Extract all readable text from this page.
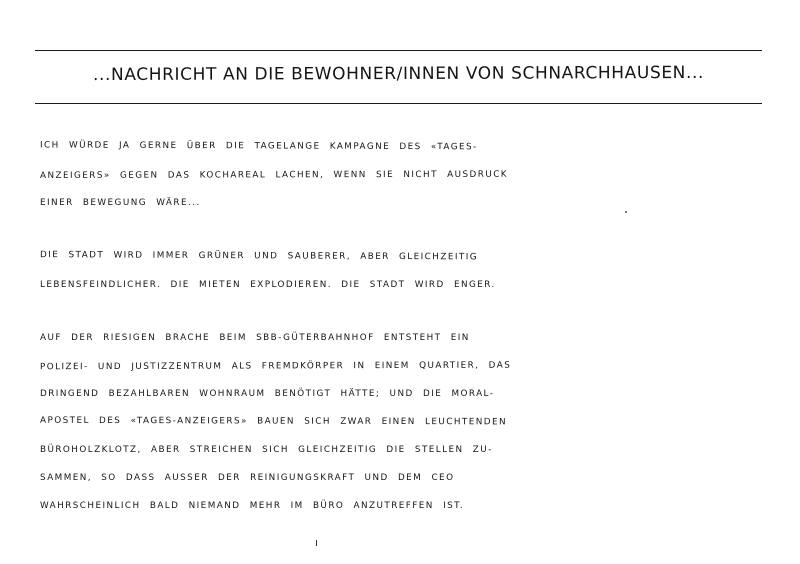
...NACHRICHT AN DIE BEWOHNER/INNEN VON SCHNARCHHAUSEN...
ICH WÜRDE JA GERNE ÜBER DIE TAGELANGE KAMPAGNE DES «TAGES-
ANZEIGERS» GEGEN DAS KOCHAREAL LACHEN, WENN SIE NICHT AUSDRUCK
EINER BEWEGUNG WÄRE...
DIE STADT WIRD IMMER GRÜNER UND SAUBERER, ABER GLEICHZEITIG
LEBENSFEINDLICHER. DIE MIETEN EXPLODIEREN. DIE STADT WIRD ENGER.
AUF DER RIESIGEN BRACHE BEIM SBB-GÜTERBAHNHOF ENTSTEHT EIN
POLIZEI- UND JUSTIZZENTRUM ALS FREMDKÖRPER IN EINEM QUARTIER, DAS
DRINGEND BEZAHLBAREN WOHNRAUM BENÖTIGT HÄTTE; UND DIE MORAL-
APOSTEL DES «TAGES-ANZEIGERS» BAUEN SICH ZWAR EINEN LEUCHTENDEN
BÜROHOLZKLOTZ, ABER STREICHEN SICH GLEICHZEITIG DIE STELLEN ZU-
SAMMEN, SO DASS AUSSER DER REINIGUNGSKRAFT UND DEM CEO
WAHRSCHEINLICH BALD NIEMAND MEHR IM BÜRO ANZUTREFFEN IST.
